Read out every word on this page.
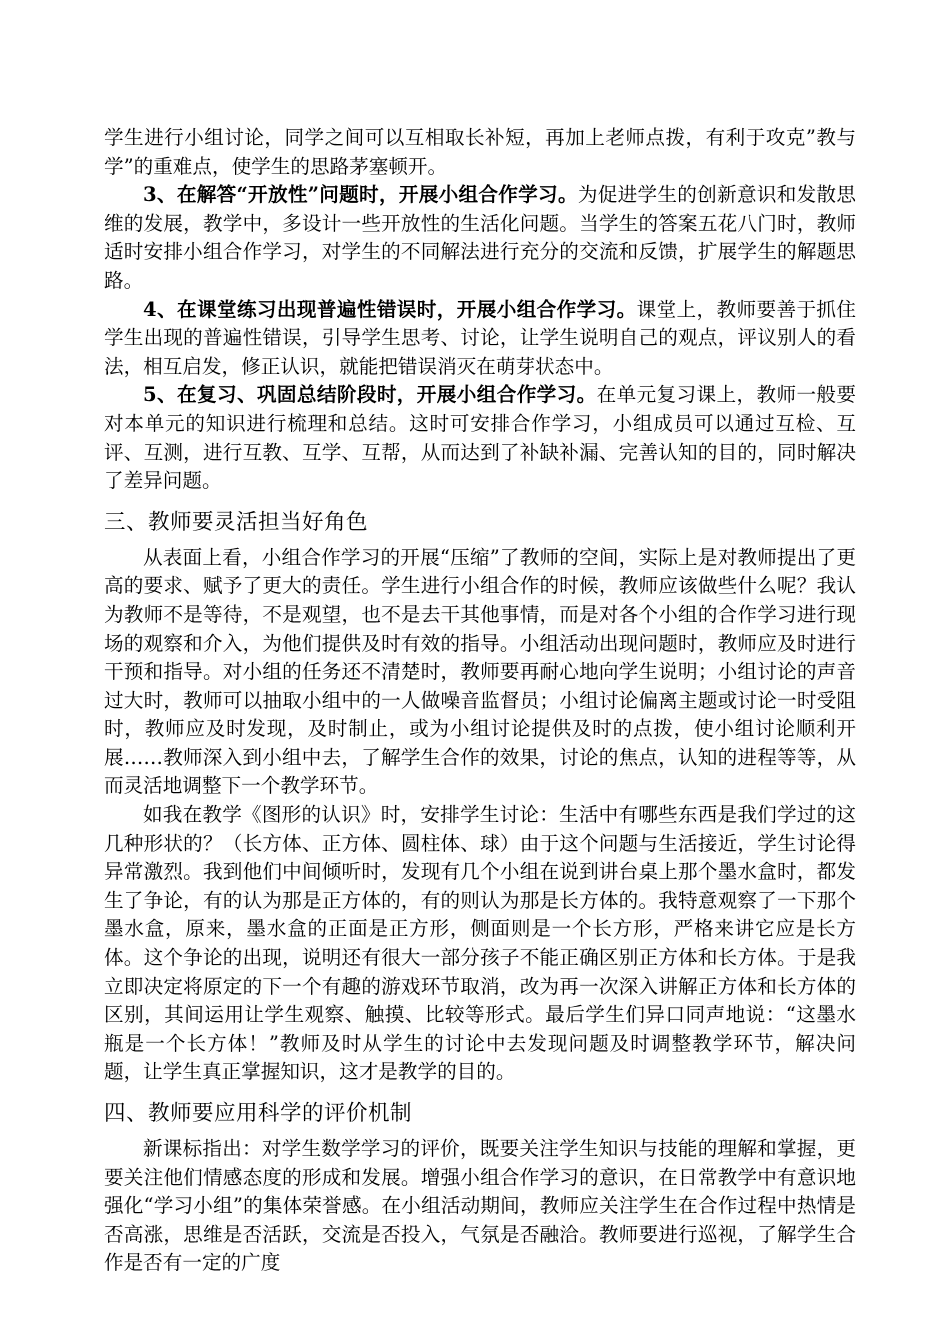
学生进行小组讨论，同学之间可以互相取长补短，再加上老师点拨，有利于攻克”教与学”的重难点，使学生的思路茅塞顿开。

3、在解答“开放性”问题时，开展小组合作学习。为促进学生的创新意识和发散思维的发展，教学中，多设计一些开放性的生活化问题。当学生的答案五花八门时，教师适时安排小组合作学习，对学生的不同解法进行充分的交流和反馈，扩展学生的解题思路。

4、在课堂练习出现普遍性错误时，开展小组合作学习。课堂上，教师要善于抓住学生出现的普遍性错误，引导学生思考、讨论，让学生说明自己的观点，评议别人的看法，相互启发，修正认识，就能把错误消灭在萌芽状态中。

5、在复习、巩固总结阶段时，开展小组合作学习。在单元复习课上，教师一般要对本单元的知识进行梳理和总结。这时可安排合作学习，小组成员可以通过互检、互评、互测，进行互教、互学、互帮，从而达到了补缺补漏、完善认知的目的，同时解决了差异问题。

三、教师要灵活担当好角色

从表面上看，小组合作学习的开展“压缩”了教师的空间，实际上是对教师提出了更高的要求、赋予了更大的责任。学生进行小组合作的时候，教师应该做些什么呢？我认为教师不是等待，不是观望，也不是去干其他事情，而是对各个小组的合作学习进行现场的观察和介入，为他们提供及时有效的指导。小组活动出现问题时，教师应及时进行干预和指导。对小组的任务还不清楚时，教师要再耐心地向学生说明；小组讨论的声音过大时，教师可以抽取小组中的一人做噪音监督员；小组讨论偏离主题或讨论一时受阻时，教师应及时发现，及时制止，或为小组讨论提供及时的点拨，使小组讨论顺利开展……教师深入到小组中去，了解学生合作的效果，讨论的焦点，认知的进程等等，从而灵活地调整下一个教学环节。

如我在教学《图形的认识》时，安排学生讨论：生活中有哪些东西是我们学过的这几种形状的？（长方体、正方体、圆柱体、球）由于这个问题与生活接近，学生讨论得异常激烈。我到他们中间倾听时，发现有几个小组在说到讲台桌上那个墨水盒时，都发生了争论，有的认为那是正方体的，有的则认为那是长方体的。我特意观察了一下那个墨水盒，原来，墨水盒的正面是正方形，侧面则是一个长方形，严格来讲它应是长方体。这个争论的出现，说明还有很大一部分孩子不能正确区别正方体和长方体。于是我立即决定将原定的下一个有趣的游戏环节取消，改为再一次深入讲解正方体和长方体的区别，其间运用让学生观察、触摸、比较等形式。最后学生们异口同声地说：“这墨水瓶是一个长方体！”教师及时从学生的讨论中去发现问题及时调整教学环节，解决问题，让学生真正掌握知识，这才是教学的目的。

四、教师要应用科学的评价机制

新课标指出：对学生数学学习的评价，既要关注学生知识与技能的理解和掌握，更要关注他们情感态度的形成和发展。增强小组合作学习的意识，在日常教学中有意识地强化“学习小组”的集体荣誉感。在小组活动期间，教师应关注学生在合作过程中热情是否高涨，思维是否活跃，交流是否投入，气氛是否融洽。教师要进行巡视，了解学生合作是否有一定的广度
